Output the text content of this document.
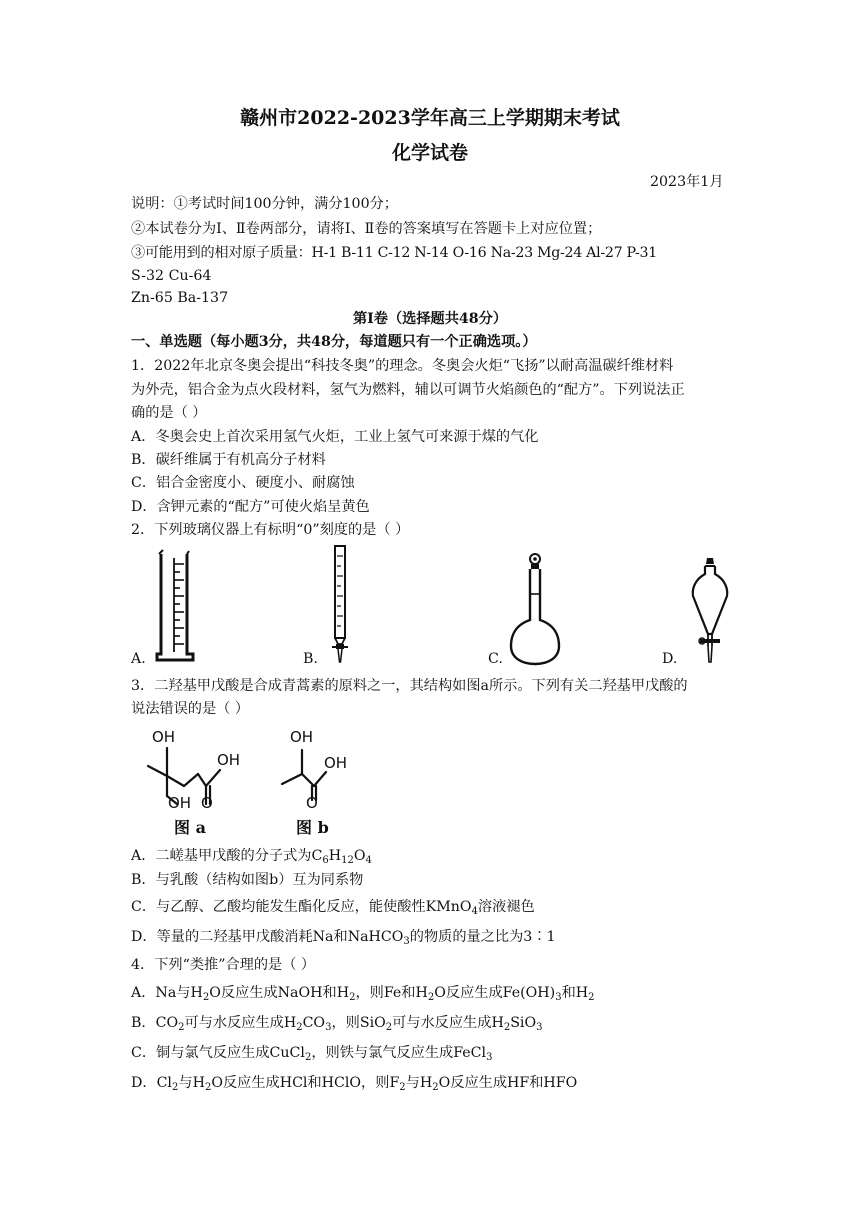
赣州市2022-2023学年高三上学期期末考试
化学试卷
2023年1月
说明：①考试时间100分钟，满分100分；
②本试卷分为Ⅰ、Ⅱ卷两部分，请将Ⅰ、Ⅱ卷的答案填写在答题卡上对应位置；
③可能用到的相对原子质量：H-1 B-11 C-12 N-14 O-16 Na-23 Mg-24 Al-27 P-31
S-32 Cu-64
Zn-65 Ba-137
第Ⅰ卷（选择题共48分）
一、单选题（每小题3分，共48分，每道题只有一个正确选项。）
1．2022年北京冬奥会提出“科技冬奥”的理念。冬奥会火炬“飞扬”以耐高温碳纤维材料
为外壳，铝合金为点火段材料，氢气为燃料，辅以可调节火焰颜色的“配方”。下列说法正
确的是（ ）
A．冬奥会史上首次采用氢气火炬，工业上氢气可来源于煤的气化
B．碳纤维属于有机高分子材料
C．铝合金密度小、硬度小、耐腐蚀
D．含钾元素的“配方”可使火焰呈黄色
2．下列玻璃仪器上有标明“0”刻度的是（ ）
A.	B.	C.	D.
3．二羟基甲戊酸是合成青蒿素的原料之一，其结构如图a所示。下列有关二羟基甲戊酸的
说法错误的是（ ）
OH
OH
OH O
图 a
OH
OH
O
图 b
A．二嵯基甲戊酸的分子式为$C_6H_{12}O_4$
B．与乳酸（结构如图b）互为同系物
C．与乙醇、乙酸均能发生酯化反应，能使酸性KMnO$_4$溶液褪色
D．等量的二羟基甲戊酸消耗Na和NaHCO$_3$的物质的量之比为3∶1
4．下列“类推”合理的是（ ）
A．Na与$H_2O$反应生成NaOH和$H_2$，则Fe和$H_2O$反应生成$Fe(OH)_3$和$H_2$
B．$CO_2$可与水反应生成$H_2CO_3$，则SiO$_2$可与水反应生成$H_2SiO_3$
C．铜与氯气反应生成CuCl$_2$，则铁与氯气反应生成FeCl$_3$
D．$Cl_2$与$H_2O$反应生成HCl和HClO，则$F_2$与$H_2O$反应生成HF和HFO
